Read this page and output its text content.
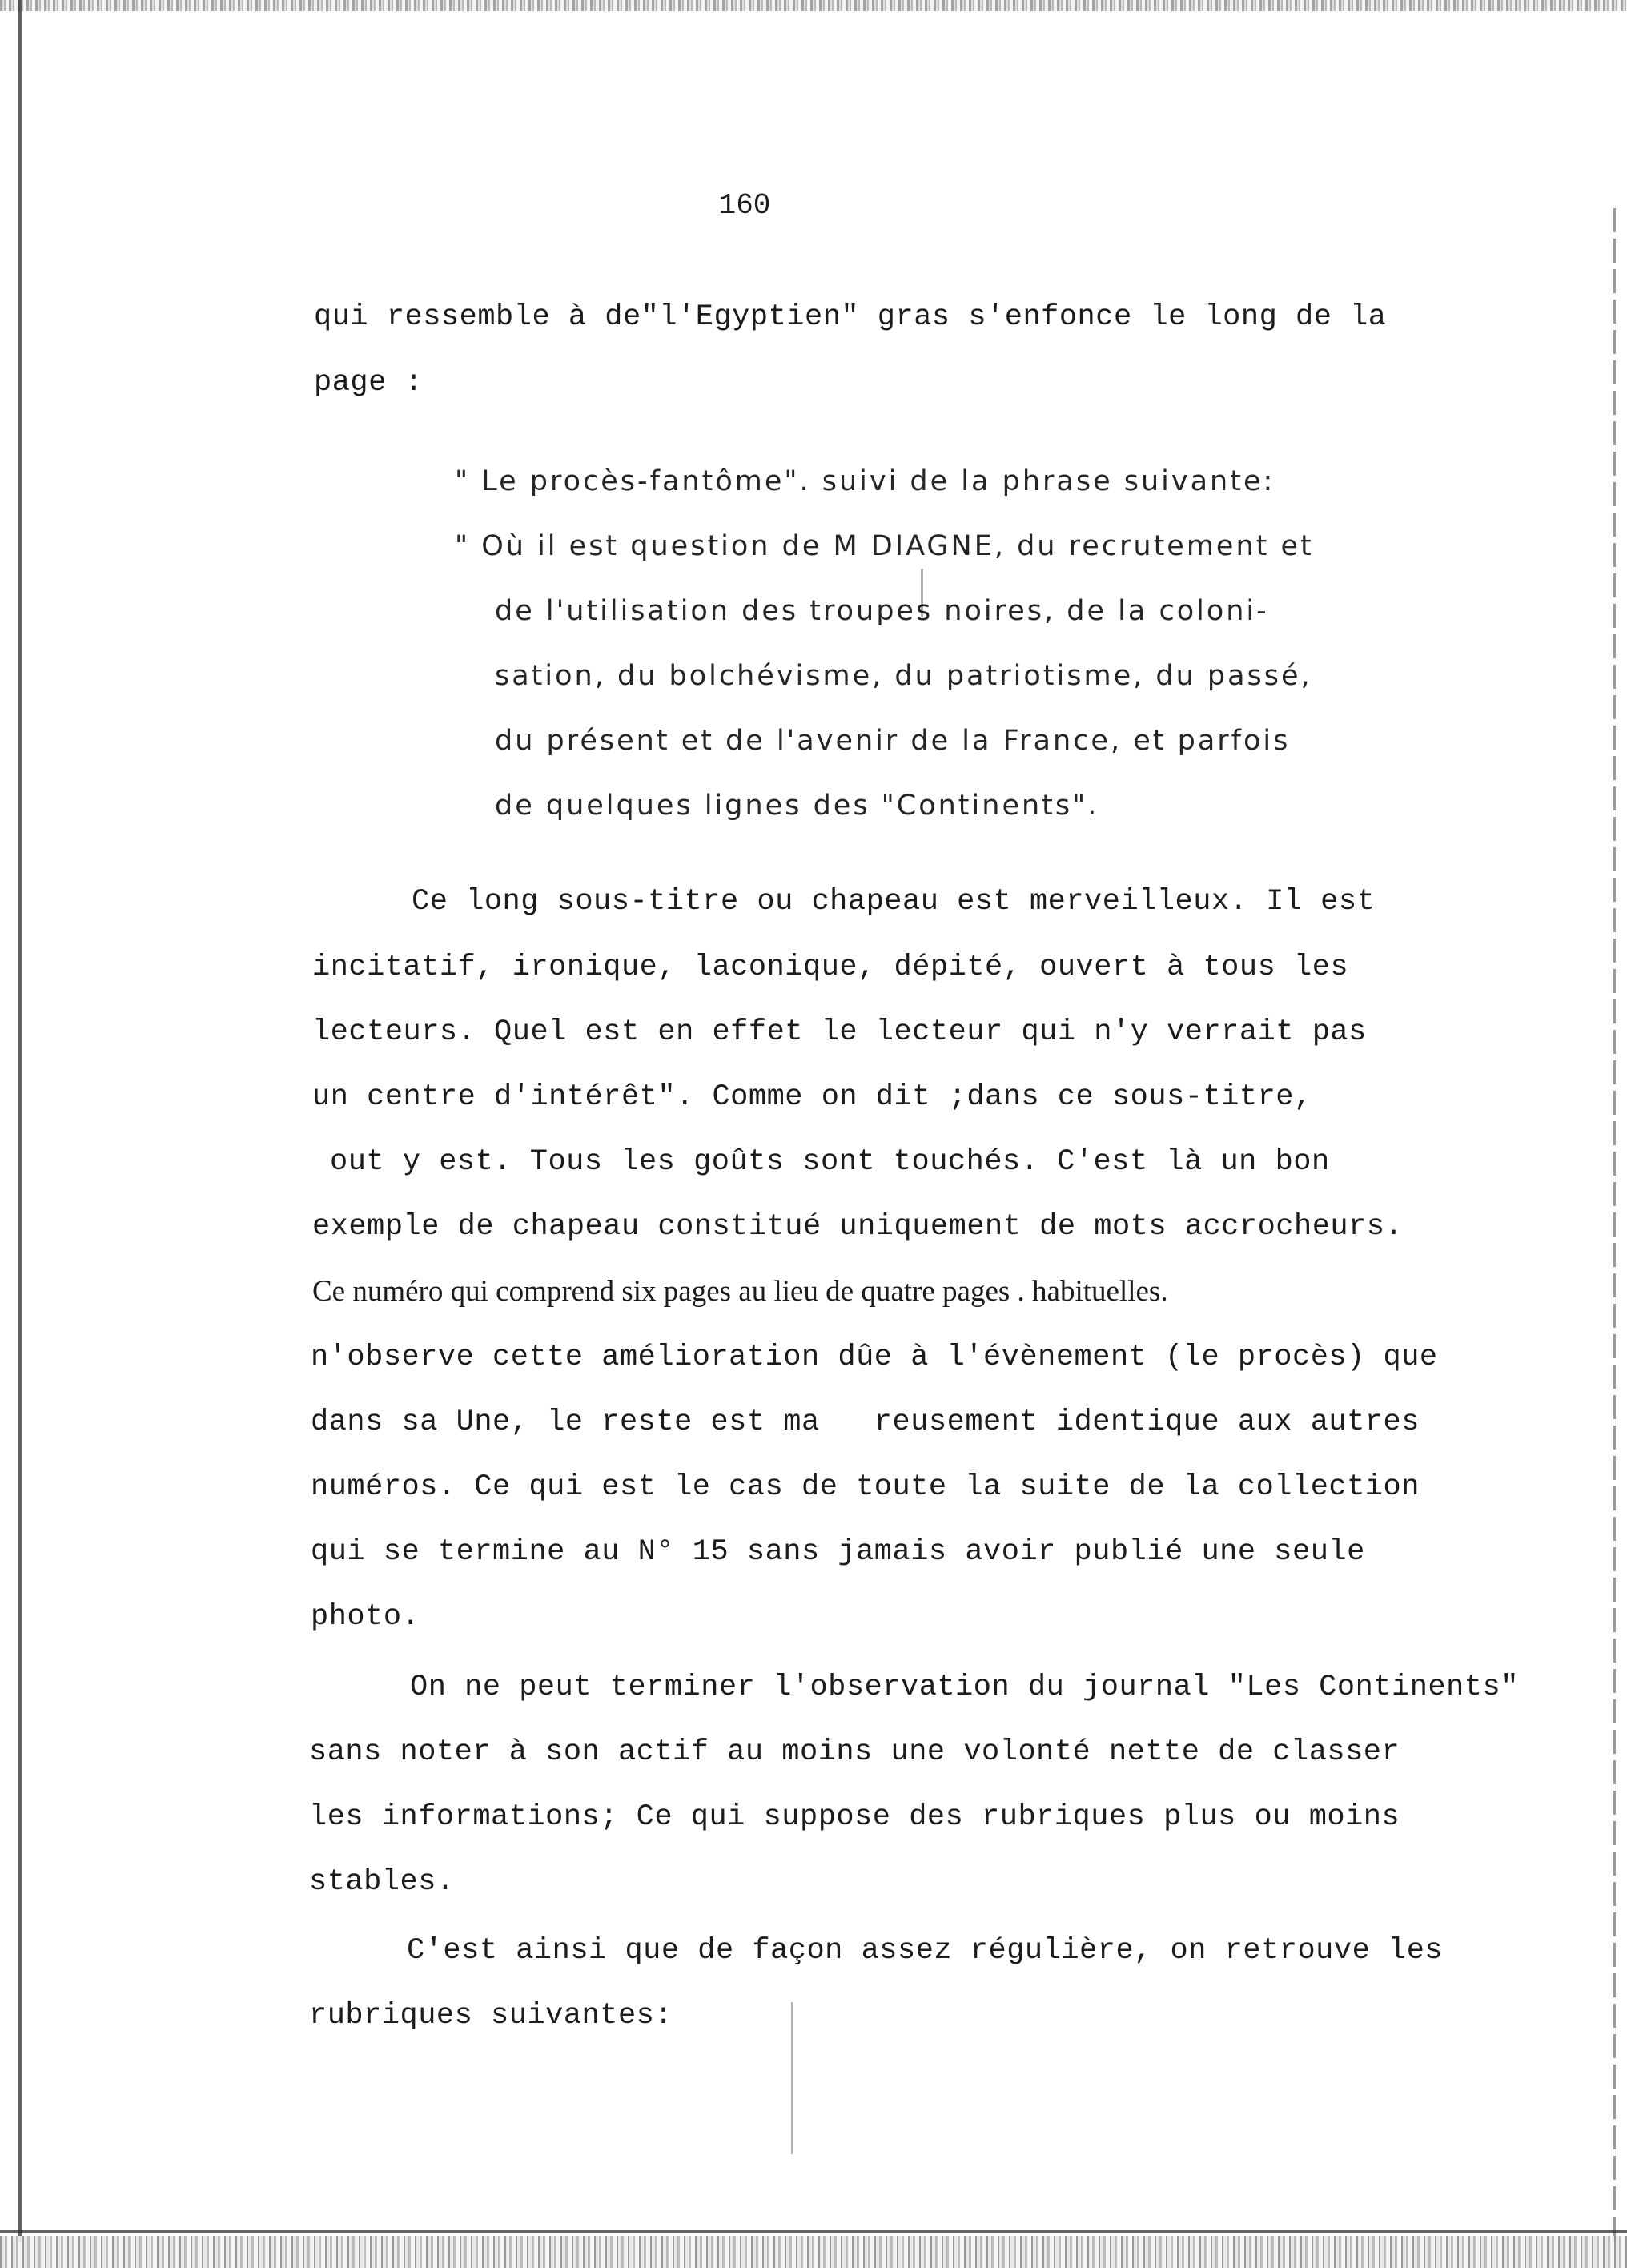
160
qui ressemble à de"l'Egyptien" gras s'enfonce le long de la
page :
" Le procès-fantôme". suivi de la phrase suivante:
" Où il est question de M DIAGNE, du recrutement et
de l'utilisation des troupes noires, de la coloni-
sation, du bolchévisme, du patriotisme, du passé,
du présent et de l'avenir de la France, et parfois
de quelques lignes des "Continents".
Ce long sous-titre ou chapeau est merveilleux. Il est
incitatif, ironique, laconique, dépité, ouvert à tous les
lecteurs. Quel est en effet le lecteur qui n'y verrait pas
un centre d'intérêt". Comme on dit ;dans ce sous-titre,
out y est. Tous les goûts sont touchés. C'est là un bon
exemple de chapeau constitué uniquement de mots accrocheurs.
Ce numéro qui comprend six pages au lieu de quatre pages . habituelles.
n'observe cette amélioration dûe à l'évènement (le procès) que
dans sa Une, le reste est ma   reusement identique aux autres
numéros. Ce qui est le cas de toute la suite de la collection
qui se termine au N° 15 sans jamais avoir publié une seule
photo.
On ne peut terminer l'observation du journal "Les Continents"
sans noter à son actif au moins une volonté nette de classer
les informations; Ce qui suppose des rubriques plus ou moins
stables.
C'est ainsi que de façon assez régulière, on retrouve les
rubriques suivantes:
